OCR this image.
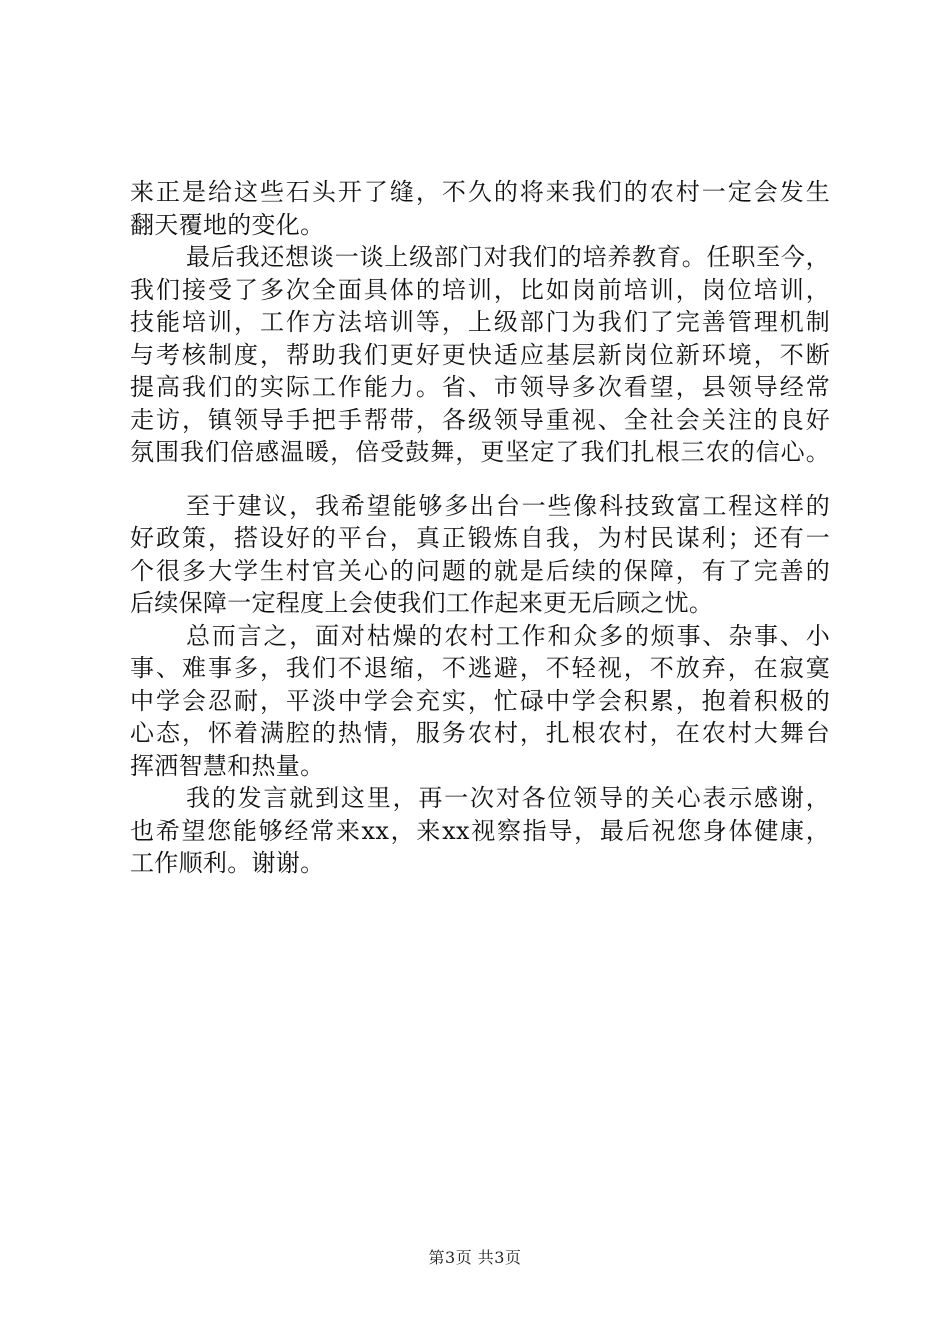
来正是给这些石头开了缝，不久的将来我们的农村一定会发生
翻天覆地的变化。
最后我还想谈一谈上级部门对我们的培养教育。任职至今，
我们接受了多次全面具体的培训，比如岗前培训，岗位培训，
技能培训，工作方法培训等，上级部门为我们了完善管理机制
与考核制度，帮助我们更好更快适应基层新岗位新环境，不断
提高我们的实际工作能力。省、市领导多次看望，县领导经常
走访，镇领导手把手帮带，各级领导重视、全社会关注的良好
氛围我们倍感温暖，倍受鼓舞，更坚定了我们扎根三农的信心。
至于建议，我希望能够多出台一些像科技致富工程这样的
好政策，搭设好的平台，真正锻炼自我，为村民谋利；还有一
个很多大学生村官关心的问题的就是后续的保障，有了完善的
后续保障一定程度上会使我们工作起来更无后顾之忧。
总而言之，面对枯燥的农村工作和众多的烦事、杂事、小
事、难事多，我们不退缩，不逃避，不轻视，不放弃，在寂寞
中学会忍耐，平淡中学会充实，忙碌中学会积累，抱着积极的
心态，怀着满腔的热情，服务农村，扎根农村，在农村大舞台
挥洒智慧和热量。
我的发言就到这里，再一次对各位领导的关心表示感谢，
也希望您能够经常来xx，来xx视察指导，最后祝您身体健康，
工作顺利。谢谢。
第3页 共3页
